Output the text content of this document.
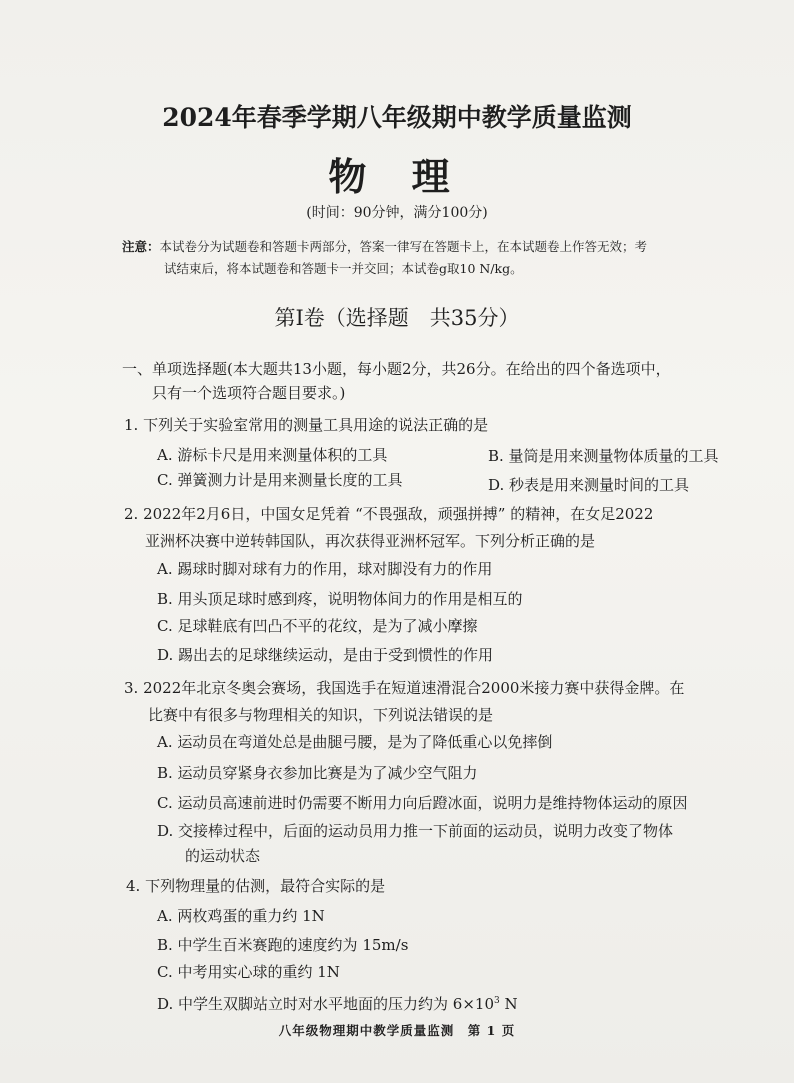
2024年春季学期八年级期中教学质量监测
物 理
(时间：90分钟，满分100分)
注意：本试卷分为试题卷和答题卡两部分，答案一律写在答题卡上，在本试题卷上作答无效；考
试结束后，将本试题卷和答题卡一并交回；本试卷g取10 N/kg。
第Ⅰ卷（选择题　共35分）
一、单项选择题(本大题共13小题，每小题2分，共26分。在给出的四个备选项中，
只有一个选项符合题目要求。)
1. 下列关于实验室常用的测量工具用途的说法正确的是
A. 游标卡尺是用来测量体积的工具	B. 量筒是用来测量物体质量的工具
C. 弹簧测力计是用来测量长度的工具	D. 秒表是用来测量时间的工具
2. 2022年2月6日，中国女足凭着 “不畏强敌，顽强拼搏” 的精神，在女足2022
亚洲杯决赛中逆转韩国队，再次获得亚洲杯冠军。下列分析正确的是
A. 踢球时脚对球有力的作用，球对脚没有力的作用
B. 用头顶足球时感到疼，说明物体间力的作用是相互的
C. 足球鞋底有凹凸不平的花纹，是为了减小摩擦
D. 踢出去的足球继续运动，是由于受到惯性的作用
3. 2022年北京冬奥会赛场，我国选手在短道速滑混合2000米接力赛中获得金牌。在
比赛中有很多与物理相关的知识，下列说法错误的是
A. 运动员在弯道处总是曲腿弓腰，是为了降低重心以免摔倒
B. 运动员穿紧身衣参加比赛是为了减少空气阻力
C. 运动员高速前进时仍需要不断用力向后蹬冰面，说明力是维持物体运动的原因
D. 交接棒过程中，后面的运动员用力推一下前面的运动员，说明力改变了物体
的运动状态
4. 下列物理量的估测，最符合实际的是
A. 两枚鸡蛋的重力约 1N
B. 中学生百米赛跑的速度约为 15m/s
C. 中考用实心球的重约 1N
D. 中学生双脚站立时对水平地面的压力约为 $6\times 10^3$ N
八年级物理期中教学质量监测　第 1 页
